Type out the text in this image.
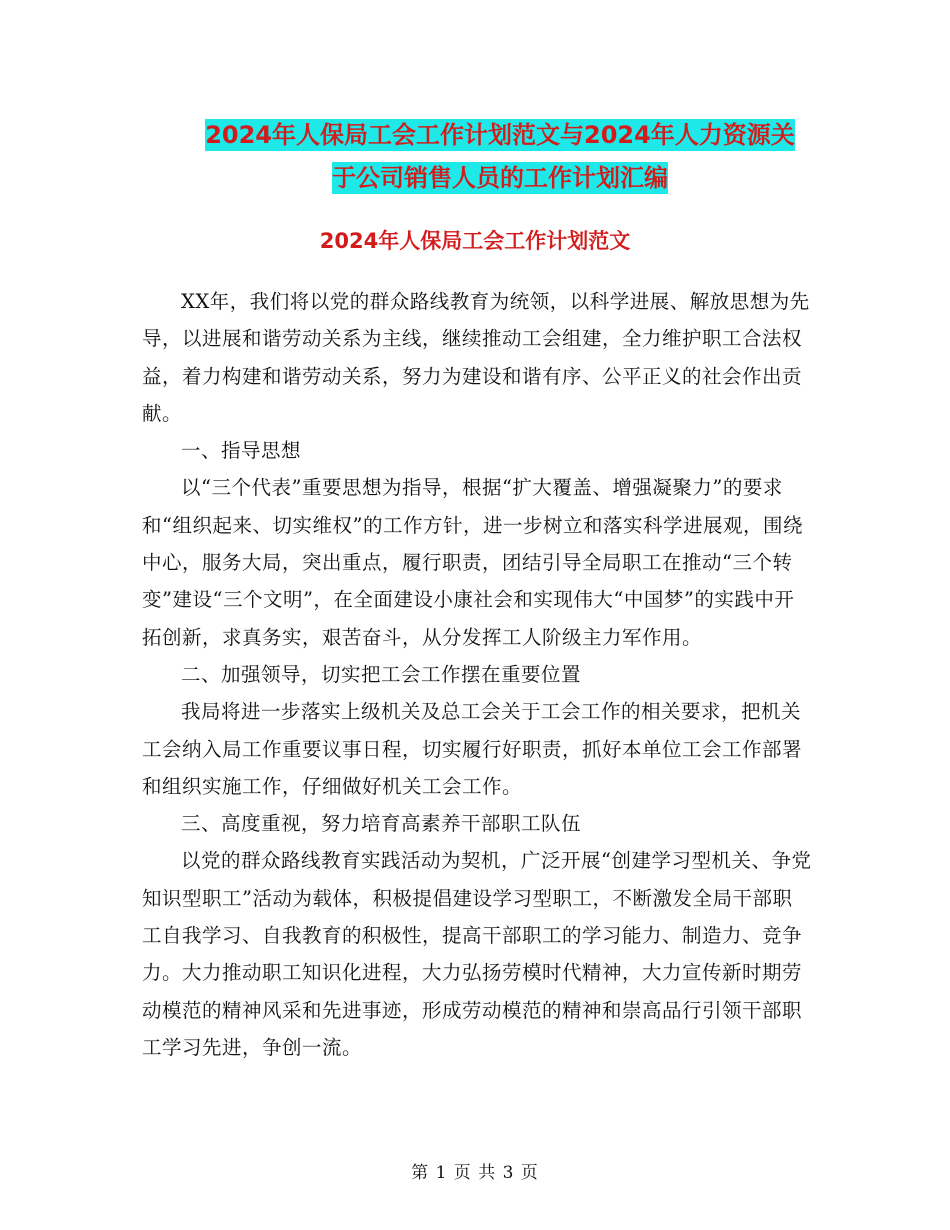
2024年人保局工会工作计划范文与2024年人力资源关
于公司销售人员的工作计划汇编
2024年人保局工会工作计划范文

XX年，我们将以党的群众路线教育为统领，以科学进展、解放思想为先导，以进展和谐劳动关系为主线，继续推动工会组建，全力维护职工合法权益，着力构建和谐劳动关系，努力为建设和谐有序、公平正义的社会作出贡献。

一、指导思想

以“三个代表”重要思想为指导，根据“扩大覆盖、增强凝聚力”的要求和“组织起来、切实维权”的工作方针，进一步树立和落实科学进展观，围绕中心，服务大局，突出重点，履行职责，团结引导全局职工在推动“三个转变”建设“三个文明”，在全面建设小康社会和实现伟大“中国梦”的实践中开拓创新，求真务实，艰苦奋斗，从分发挥工人阶级主力军作用。

二、加强领导，切实把工会工作摆在重要位置

我局将进一步落实上级机关及总工会关于工会工作的相关要求，把机关工会纳入局工作重要议事日程，切实履行好职责，抓好本单位工会工作部署和组织实施工作，仔细做好机关工会工作。

三、高度重视，努力培育高素养干部职工队伍

以党的群众路线教育实践活动为契机，广泛开展“创建学习型机关、争党知识型职工”活动为载体，积极提倡建设学习型职工，不断激发全局干部职工自我学习、自我教育的积极性，提高干部职工的学习能力、制造力、竞争力。大力推动职工知识化进程，大力弘扬劳模时代精神，大力宣传新时期劳动模范的精神风采和先进事迹，形成劳动模范的精神和崇高品行引领干部职工学习先进，争创一流。

第 1 页 共 3 页
